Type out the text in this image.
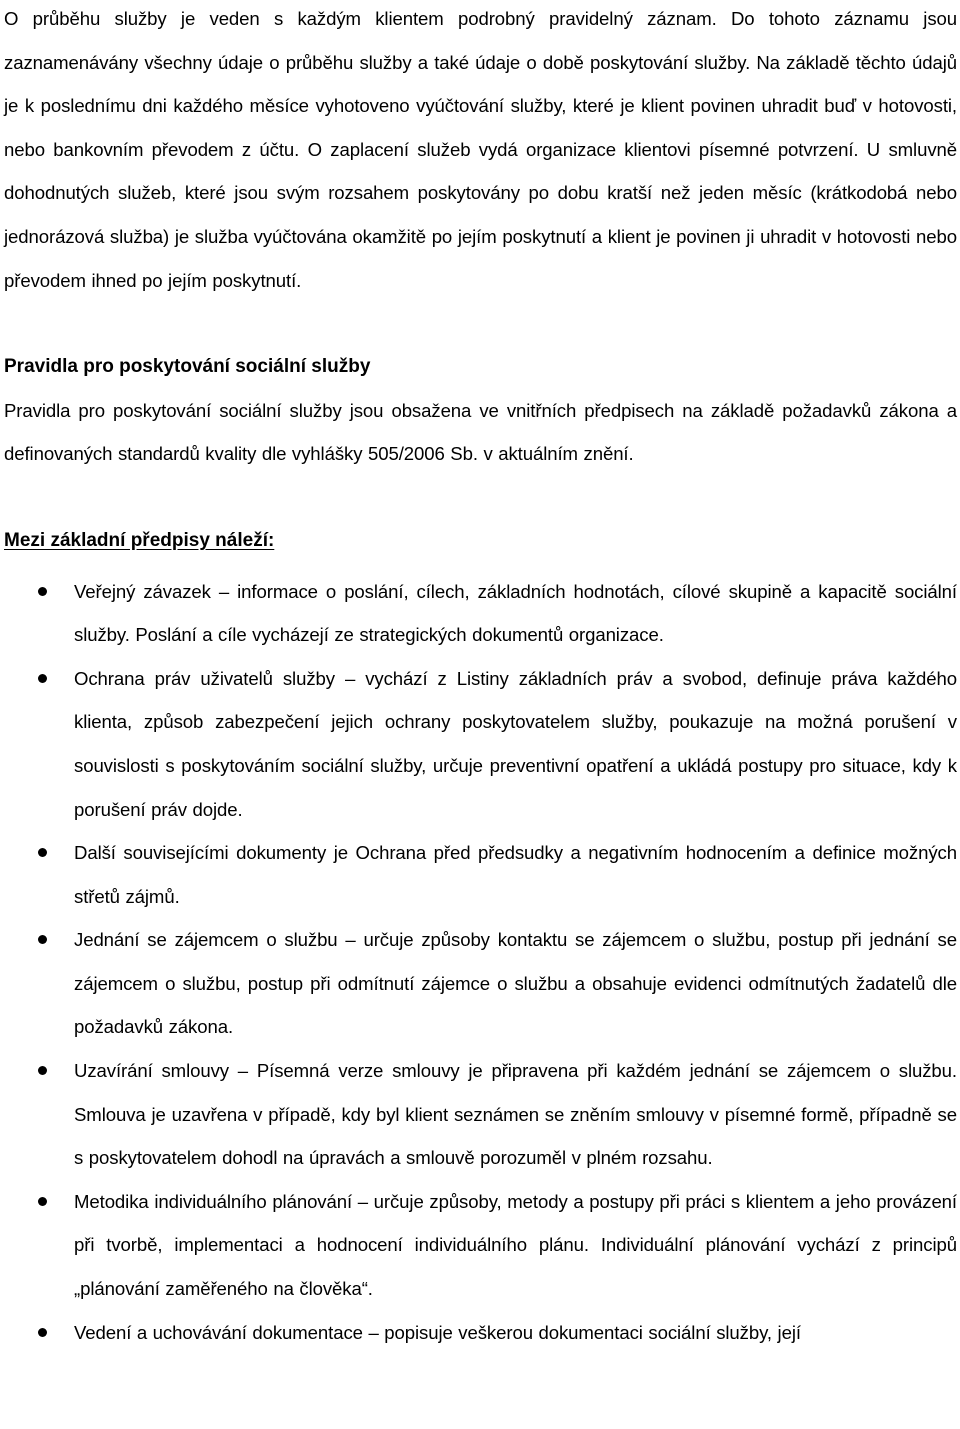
O průběhu služby je veden s každým klientem podrobný pravidelný záznam. Do tohoto záznamu jsou zaznamenávány všechny údaje o průběhu služby a také údaje o době poskytování služby. Na základě těchto údajů je k poslednímu dni každého měsíce vyhotoveno vyúčtování služby, které je klient povinen uhradit buď v hotovosti, nebo bankovním převodem z účtu. O zaplacení služeb vydá organizace klientovi písemné potvrzení. U smluvně dohodnutých služeb, které jsou svým rozsahem poskytovány po dobu kratší než jeden měsíc (krátkodobá nebo jednorázová služba) je služba vyúčtována okamžitě po jejím poskytnutí a klient je povinen ji uhradit v hotovosti nebo převodem ihned po jejím poskytnutí.

Pravidla pro poskytování sociální služby

Pravidla pro poskytování sociální služby jsou obsažena ve vnitřních předpisech na základě požadavků zákona a definovaných standardů kvality dle vyhlášky 505/2006 Sb. v aktuálním znění.

Mezi základní předpisy náleží:
Veřejný závazek – informace o poslání, cílech, základních hodnotách, cílové skupině a kapacitě sociální služby. Poslání a cíle vycházejí ze strategických dokumentů organizace.
Ochrana práv uživatelů služby – vychází z Listiny základních práv a svobod, definuje práva každého klienta, způsob zabezpečení jejich ochrany poskytovatelem služby, poukazuje na možná porušení v souvislosti s poskytováním sociální služby, určuje preventivní opatření a ukládá postupy pro situace, kdy k porušení práv dojde.
Další souvisejícími dokumenty je Ochrana před předsudky a negativním hodnocením a definice možných střetů zájmů.
Jednání se zájemcem o službu – určuje způsoby kontaktu se zájemcem o službu, postup při jednání se zájemcem o službu, postup při odmítnutí zájemce o službu a obsahuje evidenci odmítnutých žadatelů dle požadavků zákona.
Uzavírání smlouvy – Písemná verze smlouvy je připravena při každém jednání se zájemcem o službu. Smlouva je uzavřena v případě, kdy byl klient seznámen se zněním smlouvy v písemné formě, případně se s poskytovatelem dohodl na úpravách a smlouvě porozuměl v plném rozsahu.
Metodika individuálního plánování – určuje způsoby, metody a postupy při práci s klientem a jeho provázení při tvorbě, implementaci a hodnocení individuálního plánu. Individuální plánování vychází z principů „plánování zaměřeného na člověka“.
Vedení a uchovávání dokumentace – popisuje veškerou dokumentaci sociální služby, její
